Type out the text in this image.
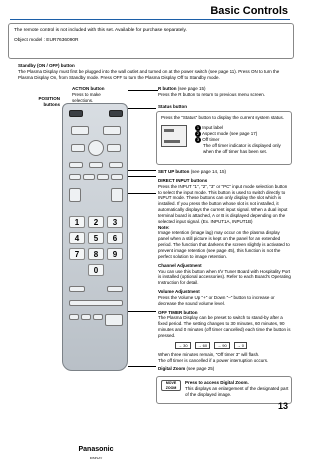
Basic Controls

The remote control is not included with this set. Available for purchase separately.

Object model : EUR7636090R

Standby (ON / OFF) button
The Plasma Display must first be plugged into the wall outlet and turned on at the power switch (see page 11). Press ON to turn the Plasma Display On, from Standby mode. Press OFF to turn the Plasma Display Off to Standby mode.
ACTION button
Press to make selections.
POSITION buttons
R button (see page 15)
Press the R button to return to previous menu screen.
Status button
Press the "Status" button to display the current system status.
1 Input label
2 Aspect mode (see page 17)
3 Off timer
The off timer indicator is displayed only when the off timer has been set.
SET UP button (see page 14, 15)
DIRECT INPUT buttons
Press the INPUT "1", "2", "3" or "PC" input mode selection button to select the input mode. This button is used to switch directly to INPUT mode. These buttons can only display the slot which is installed. If you press the button whose slot is not installed, it automatically displays the current input signal. When a dual input terminal board is attached, A or B is displayed depending on the selected input signal. (Ex. INPUT1A, INPUT1B)
Note:
Image retention (image lag) may occur on the plasma display panel when a still picture is kept on the panel for an extended period. The function that darkens the screen slightly is activated to prevent image retention (see page 45), this function is not the perfect solution to image retention.
Channel Adjustment
You can use this button when I/V Tuner Board with Hospitality Port is installed (optional accessories). Refer to each Board's Operating Instruction for detail.
Volume Adjustment
Press the Volume Up "+" or Down "–" button to increase or decrease the sound volume level.
OFF TIMER button
The Plasma Display can be preset to switch to stand-by after a fixed period. The setting changes to 30 minutes, 60 minutes, 90 minutes and 0 minutes (off timer cancelled) each time the button is pressed.
→ 30	→ 60	→ 90	→ 0
When three minutes remain, "Off timer 3" will flash.
The off timer is cancelled if a power interruption occurs.
Digital Zoom (see page 25)
MOVE
ZOOM
Press to access Digital Zoom.
This displays an enlargement of the designated part of the displayed image.
1	2	3
4	5	6
7	8	9
0
Panasonic
DISPLAY
13
